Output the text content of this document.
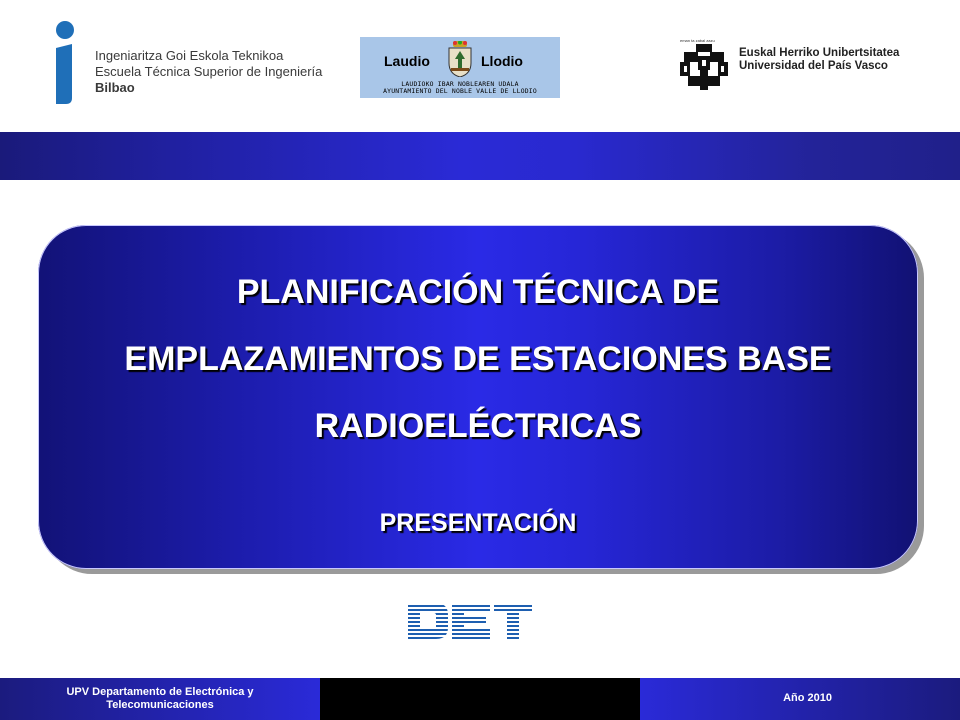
Ingeniaritza Goi Eskola Teknikoa
Escuela Técnica Superior de Ingeniería
Bilbao
Laudio	Llodio
LAUDIOKO IBAR NOBLEAREN UDALA
AYUNTAMIENTO DEL NOBLE VALLE DE LLODIO
eman ta zabal zazu
Euskal Herriko Unibertsitatea
Universidad del País Vasco
PLANIFICACIÓN TÉCNICA DE
EMPLAZAMIENTOS DE ESTACIONES BASE
RADIOELÉCTRICAS
PRESENTACIÓN
UPV Departamento de Electrónica y
Telecomunicaciones
Año 2010
